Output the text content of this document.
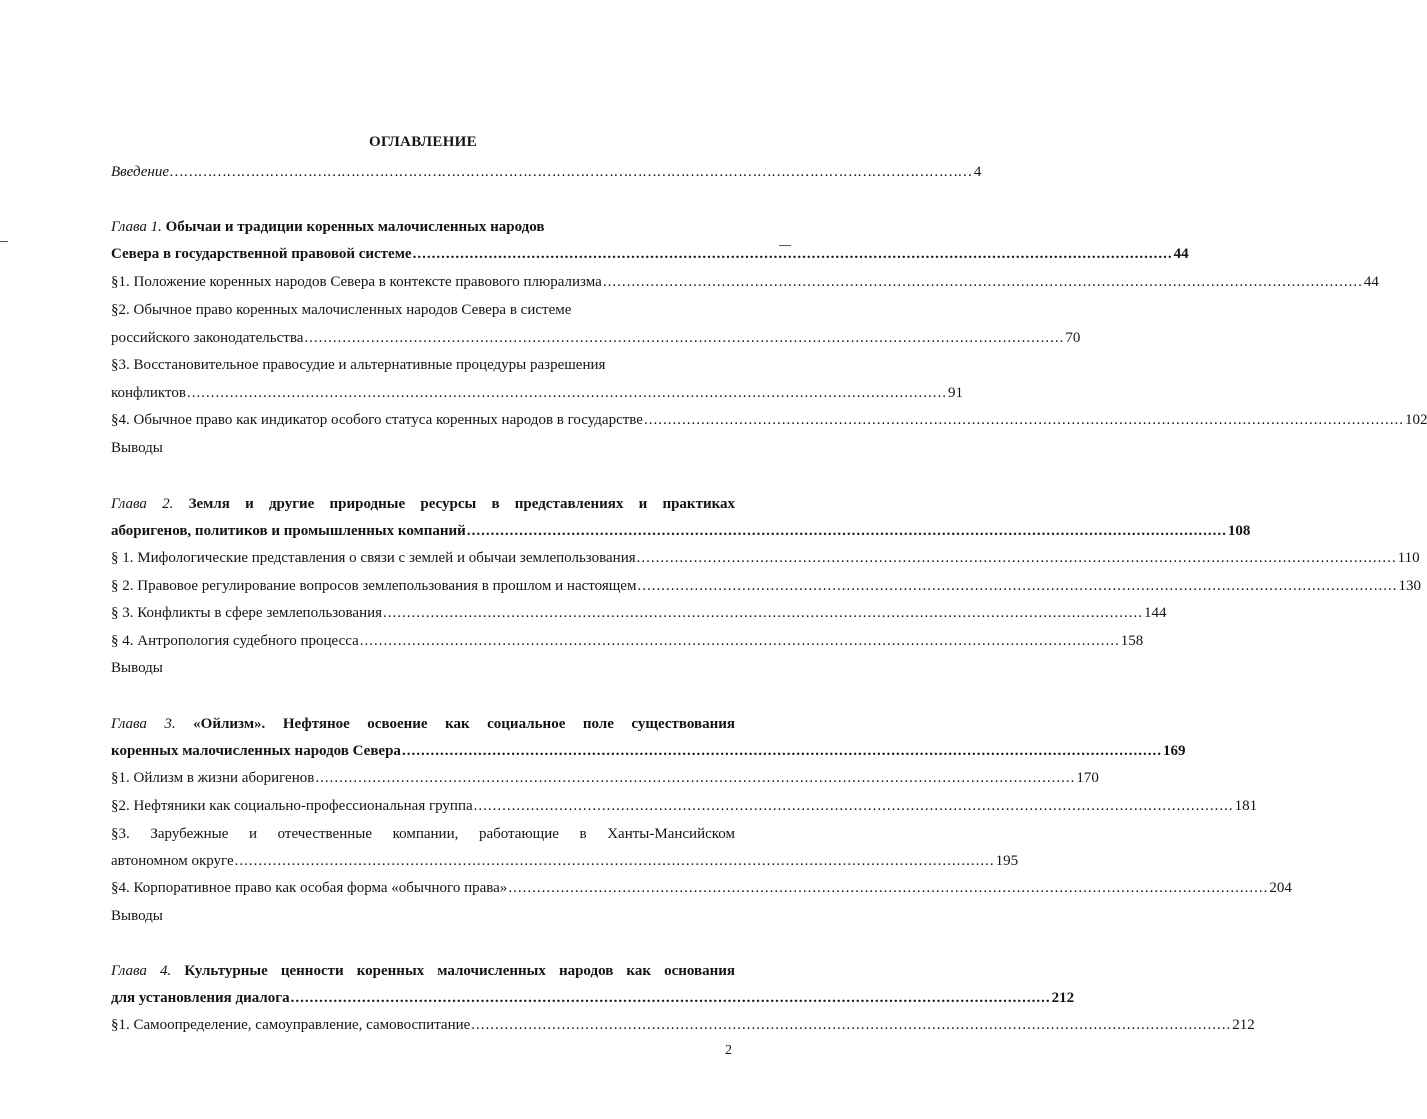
ОГЛАВЛЕНИЕ
Введение …………………………………………………………………………………………………………………………………………………… 4
Глава 1. Обычаи и традиции коренных малочисленных народов
Севера в государственной правовой системе ................................................................................................................................................................ 44
§1. Положение коренных народов Севера в контексте правового плюрализма ................................................................................................................................................................ 44
§2. Обычное право коренных малочисленных народов Севера в системе
российского законодательства ................................................................................................................................................................ 70
§3. Восстановительное правосудие и альтернативные процедуры разрешения
конфликтов ................................................................................................................................................................ 91
§4. Обычное право как индикатор особого статуса коренных народов в государстве ................................................................................................................................................................ 102
Выводы
Глава 2. Земля и другие природные ресурсы в представлениях и практиках
аборигенов, политиков и промышленных компаний ................................................................................................................................................................ 108
§ 1. Мифологические представления о связи с землей и обычаи землепользования ................................................................................................................................................................ 110
§ 2. Правовое регулирование вопросов землепользования в прошлом и настоящем ................................................................................................................................................................ 130
§ 3. Конфликты в сфере землепользования ................................................................................................................................................................ 144
§ 4. Антропология судебного процесса ................................................................................................................................................................ 158
Выводы
Глава 3. «Ойлизм». Нефтяное освоение как социальное поле существования
коренных малочисленных народов Севера ................................................................................................................................................................ 169
§1. Ойлизм в жизни аборигенов ................................................................................................................................................................ 170
§2. Нефтяники как социально-профессиональная группа ................................................................................................................................................................ 181
§3. Зарубежные и отечественные компании, работающие в Ханты-Мансийском
автономном округе ................................................................................................................................................................ 195
§4. Корпоративное право как особая форма «обычного права» ................................................................................................................................................................ 204
Выводы
Глава 4. Культурные ценности коренных малочисленных народов как основания
для установления диалога ................................................................................................................................................................ 212
§1. Самоопределение, самоуправление, самовоспитание ................................................................................................................................................................ 212
2
